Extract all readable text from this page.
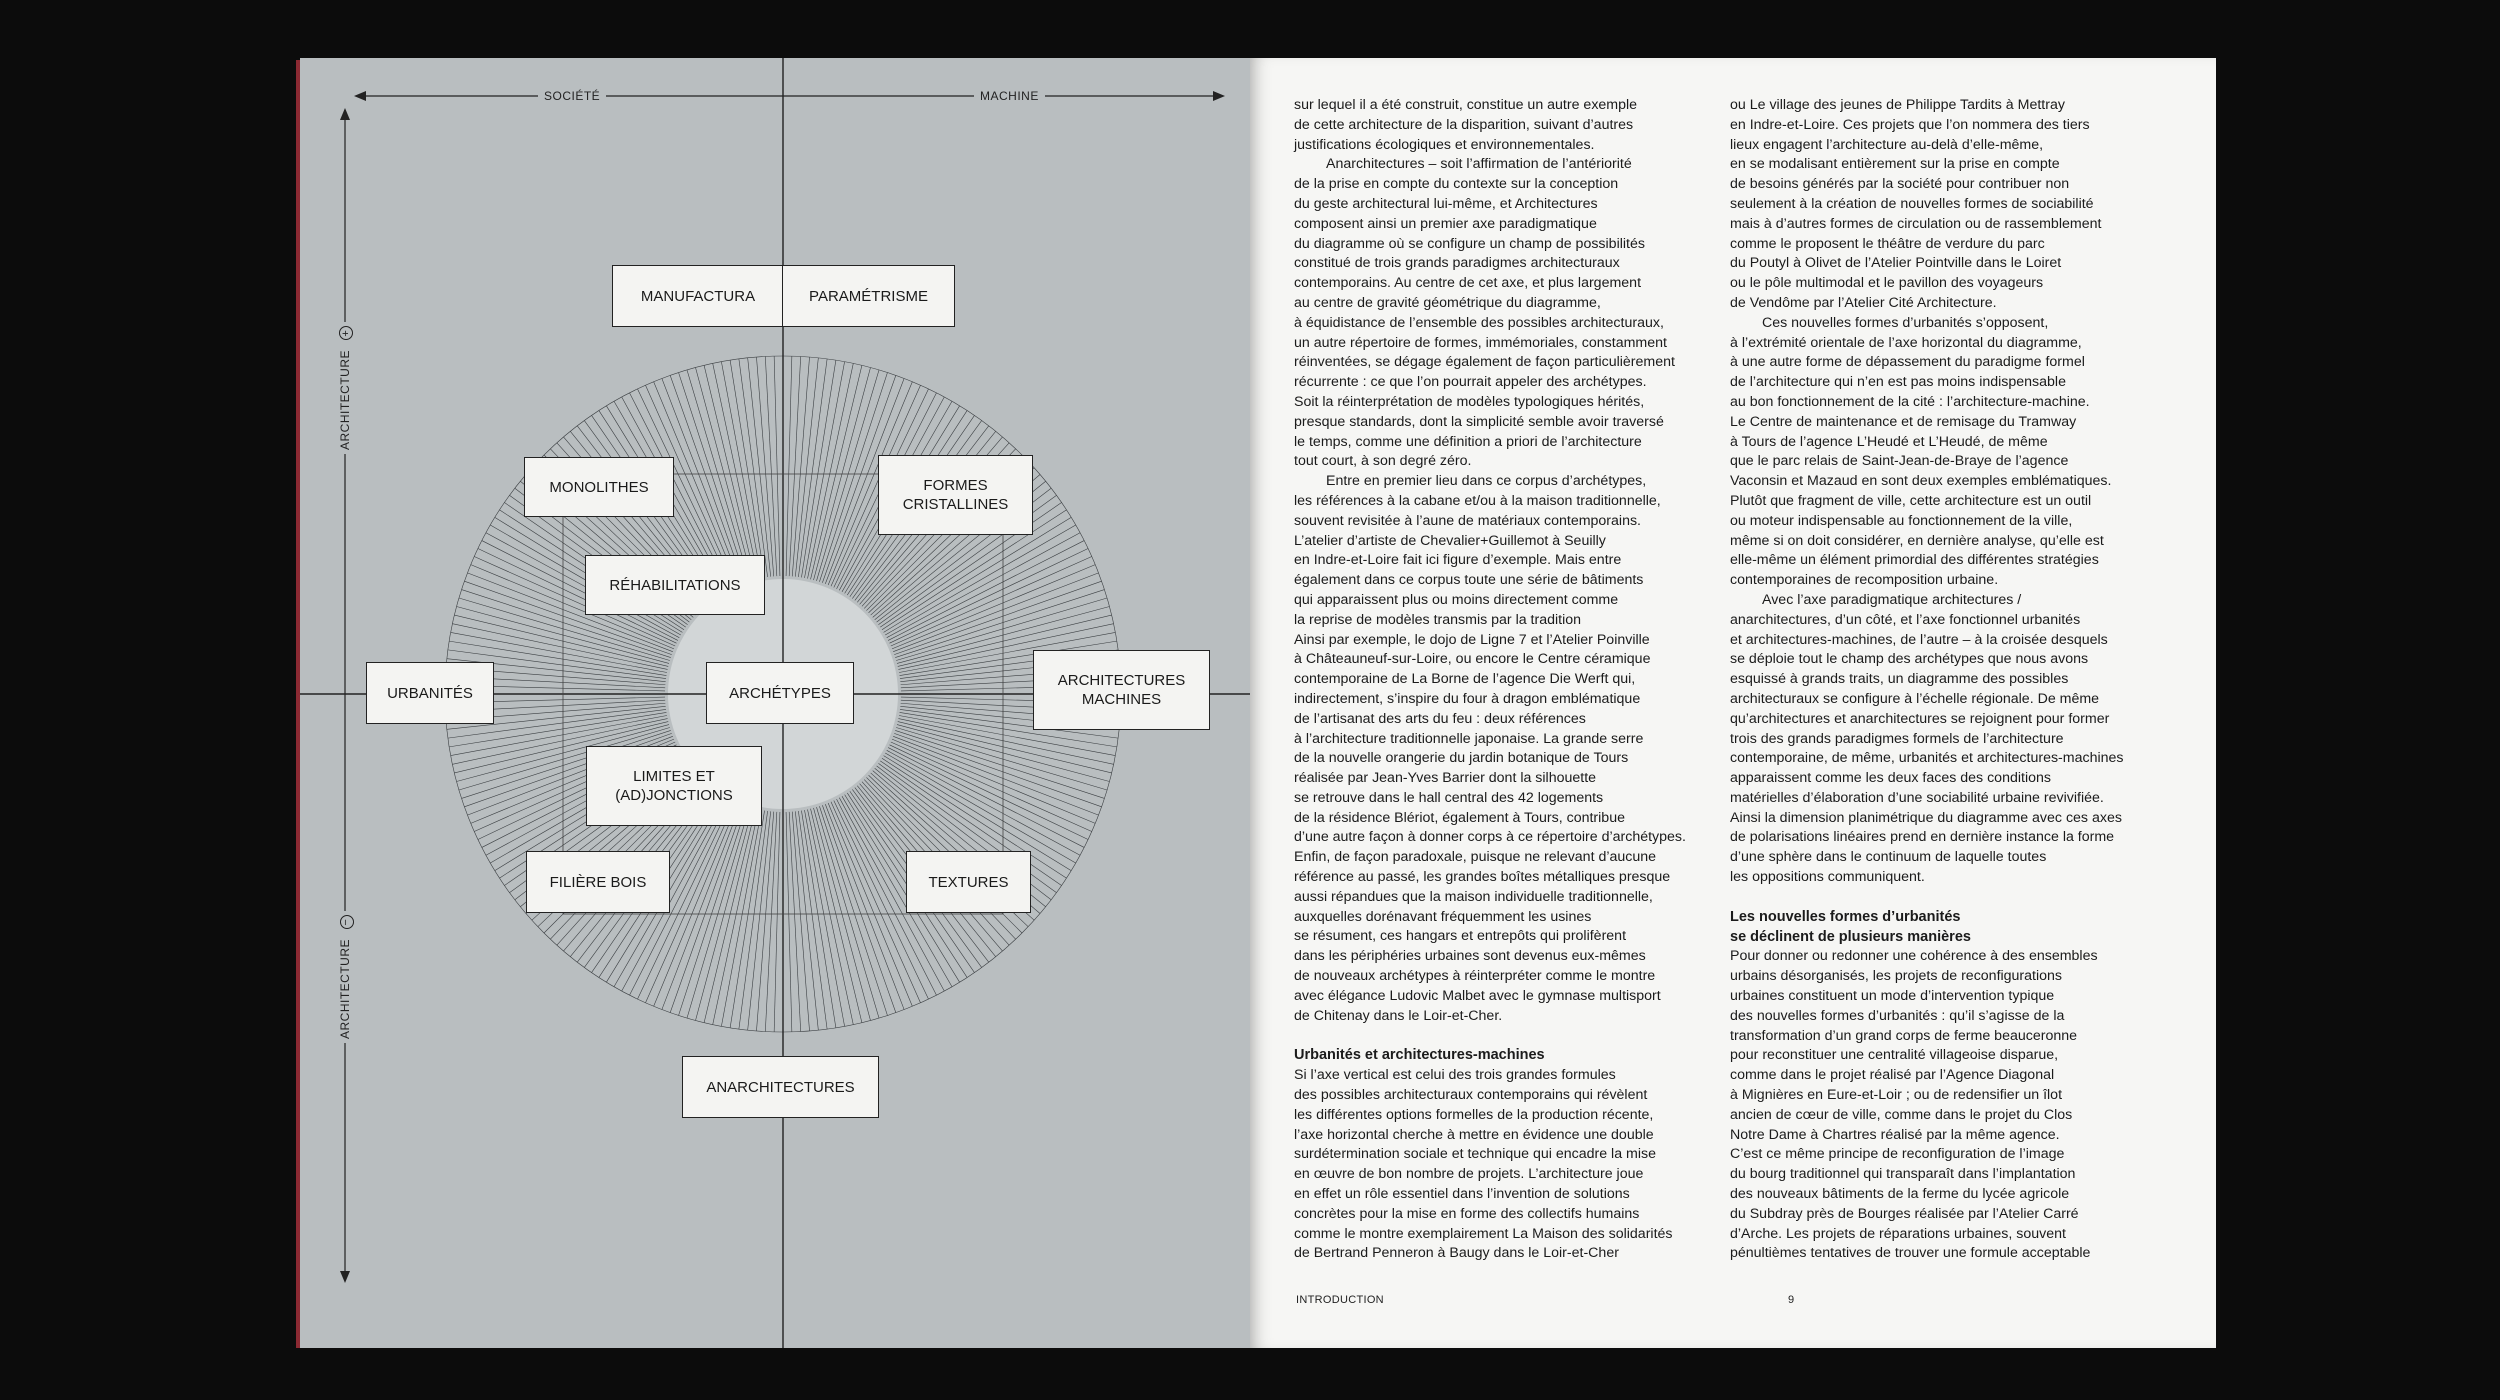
SOCIÉTÉ	MACHINE
ARCHITECTURE +
ARCHITECTURE −
MANUFACTURA	PARAMÉTRISME
MONOLITHES	FORMES
CRISTALLINES
RÉHABILITATIONS
URBANITÉS	ARCHÉTYPES
ARCHITECTURES
MACHINES
LIMITES ET
(AD)JONCTIONS
FILIÈRE BOIS	TEXTURES
ANARCHITECTURES

sur lequel il a été construit, constitue un autre exemple
de cette architecture de la disparition, suivant d’autres
justifications écologiques et environnementales.

Anarchitectures – soit l’affirmation de l’antériorité
de la prise en compte du contexte sur la conception
du geste architectural lui-même, et Architectures
composent ainsi un premier axe paradigmatique
du diagramme où se configure un champ de possibilités
constitué de trois grands paradigmes architecturaux
contemporains. Au centre de cet axe, et plus largement
au centre de gravité géométrique du diagramme,
à équidistance de l’ensemble des possibles architecturaux,
un autre répertoire de formes, immémoriales, constamment
réinventées, se dégage également de façon particulièrement
récurrente : ce que l’on pourrait appeler des archétypes.
Soit la réinterprétation de modèles typologiques hérités,
presque standards, dont la simplicité semble avoir traversé
le temps, comme une définition a priori de l’architecture
tout court, à son degré zéro.

Entre en premier lieu dans ce corpus d’archétypes,
les références à la cabane et/ou à la maison traditionnelle,
souvent revisitée à l’aune de matériaux contemporains.
L’atelier d’artiste de Chevalier+Guillemot à Seuilly
en Indre-et-Loire fait ici figure d’exemple. Mais entre
également dans ce corpus toute une série de bâtiments
qui apparaissent plus ou moins directement comme
la reprise de modèles transmis par la tradition
Ainsi par exemple, le dojo de Ligne 7 et l’Atelier Poinville
à Châteauneuf-sur-Loire, ou encore le Centre céramique
contemporaine de La Borne de l’agence Die Werft qui,
indirectement, s’inspire du four à dragon emblématique
de l’artisanat des arts du feu : deux références
à l’architecture traditionnelle japonaise. La grande serre
de la nouvelle orangerie du jardin botanique de Tours
réalisée par Jean-Yves Barrier dont la silhouette
se retrouve dans le hall central des 42 logements
de la résidence Blériot, également à Tours, contribue
d’une autre façon à donner corps à ce répertoire d’archétypes.
Enfin, de façon paradoxale, puisque ne relevant d’aucune
référence au passé, les grandes boîtes métalliques presque
aussi répandues que la maison individuelle traditionnelle,
auxquelles dorénavant fréquemment les usines
se résument, ces hangars et entrepôts qui prolifèrent
dans les périphéries urbaines sont devenus eux-mêmes
de nouveaux archétypes à réinterpréter comme le montre
avec élégance Ludovic Malbet avec le gymnase multisport
de Chitenay dans le Loir-et-Cher.

Urbanités et architectures-machines

Si l’axe vertical est celui des trois grandes formules
des possibles architecturaux contemporains qui révèlent
les différentes options formelles de la production récente,
l’axe horizontal cherche à mettre en évidence une double
surdétermination sociale et technique qui encadre la mise
en œuvre de bon nombre de projets. L’architecture joue
en effet un rôle essentiel dans l’invention de solutions
concrètes pour la mise en forme des collectifs humains
comme le montre exemplairement La Maison des solidarités
de Bertrand Penneron à Baugy dans le Loir-et-Cher

ou Le village des jeunes de Philippe Tardits à Mettray
en Indre-et-Loire. Ces projets que l’on nommera des tiers
lieux engagent l’architecture au-delà d’elle-même,
en se modalisant entièrement sur la prise en compte
de besoins générés par la société pour contribuer non
seulement à la création de nouvelles formes de sociabilité
mais à d’autres formes de circulation ou de rassemblement
comme le proposent le théâtre de verdure du parc
du Poutyl à Olivet de l’Atelier Pointville dans le Loiret
ou le pôle multimodal et le pavillon des voyageurs
de Vendôme par l’Atelier Cité Architecture.

Ces nouvelles formes d’urbanités s’opposent,
à l’extrémité orientale de l’axe horizontal du diagramme,
à une autre forme de dépassement du paradigme formel
de l’architecture qui n’en est pas moins indispensable
au bon fonctionnement de la cité : l’architecture-machine.
Le Centre de maintenance et de remisage du Tramway
à Tours de l’agence L’Heudé et L’Heudé, de même
que le parc relais de Saint-Jean-de-Braye de l’agence
Vaconsin et Mazaud en sont deux exemples emblématiques.
Plutôt que fragment de ville, cette architecture est un outil
ou moteur indispensable au fonctionnement de la ville,
même si on doit considérer, en dernière analyse, qu’elle est
elle-même un élément primordial des différentes stratégies
contemporaines de recomposition urbaine.

Avec l’axe paradigmatique architectures /
anarchitectures, d’un côté, et l’axe fonctionnel urbanités
et architectures-machines, de l’autre – à la croisée desquels
se déploie tout le champ des archétypes que nous avons
esquissé à grands traits, un diagramme des possibles
architecturaux se configure à l’échelle régionale. De même
qu’architectures et anarchitectures se rejoignent pour former
trois des grands paradigmes formels de l’architecture
contemporaine, de même, urbanités et architectures-machines
apparaissent comme les deux faces des conditions
matérielles d’élaboration d’une sociabilité urbaine revivifiée.
Ainsi la dimension planimétrique du diagramme avec ces axes
de polarisations linéaires prend en dernière instance la forme
d’une sphère dans le continuum de laquelle toutes
les oppositions communiquent.

Les nouvelles formes d’urbanités
se déclinent de plusieurs manières

Pour donner ou redonner une cohérence à des ensembles
urbains désorganisés, les projets de reconfigurations
urbaines constituent un mode d’intervention typique
des nouvelles formes d’urbanités : qu’il s’agisse de la
transformation d’un grand corps de ferme beauceronne
pour reconstituer une centralité villageoise disparue,
comme dans le projet réalisé par l’Agence Diagonal
à Mignières en Eure-et-Loir ; ou de redensifier un îlot
ancien de cœur de ville, comme dans le projet du Clos
Notre Dame à Chartres réalisé par la même agence.
C’est ce même principe de reconfiguration de l’image
du bourg traditionnel qui transparaît dans l’implantation
des nouveaux bâtiments de la ferme du lycée agricole
du Subdray près de Bourges réalisée par l’Atelier Carré
d’Arche. Les projets de réparations urbaines, souvent
pénultièmes tentatives de trouver une formule acceptable

INTRODUCTION	9
